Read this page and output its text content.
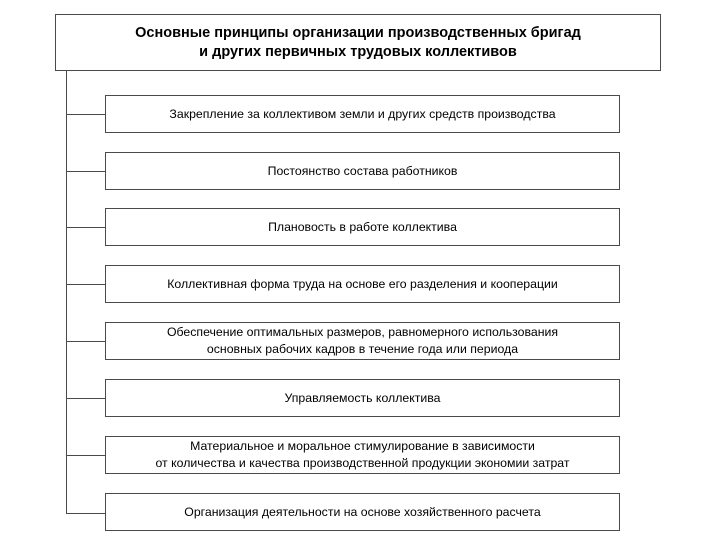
Основные принципы организации производственных бригад
и других первичных трудовых коллективов
Закрепление за коллективом земли и других средств производства
Постоянство состава работников
Плановость в работе коллектива
Коллективная форма труда на основе его разделения и кооперации
Обеспечение оптимальных размеров, равномерного использования
основных рабочих кадров в течение года или периода
Управляемость коллектива
Материальное и моральное стимулирование в зависимости
от количества и качества производственной продукции экономии затрат
Организация деятельности на основе хозяйственного расчета
